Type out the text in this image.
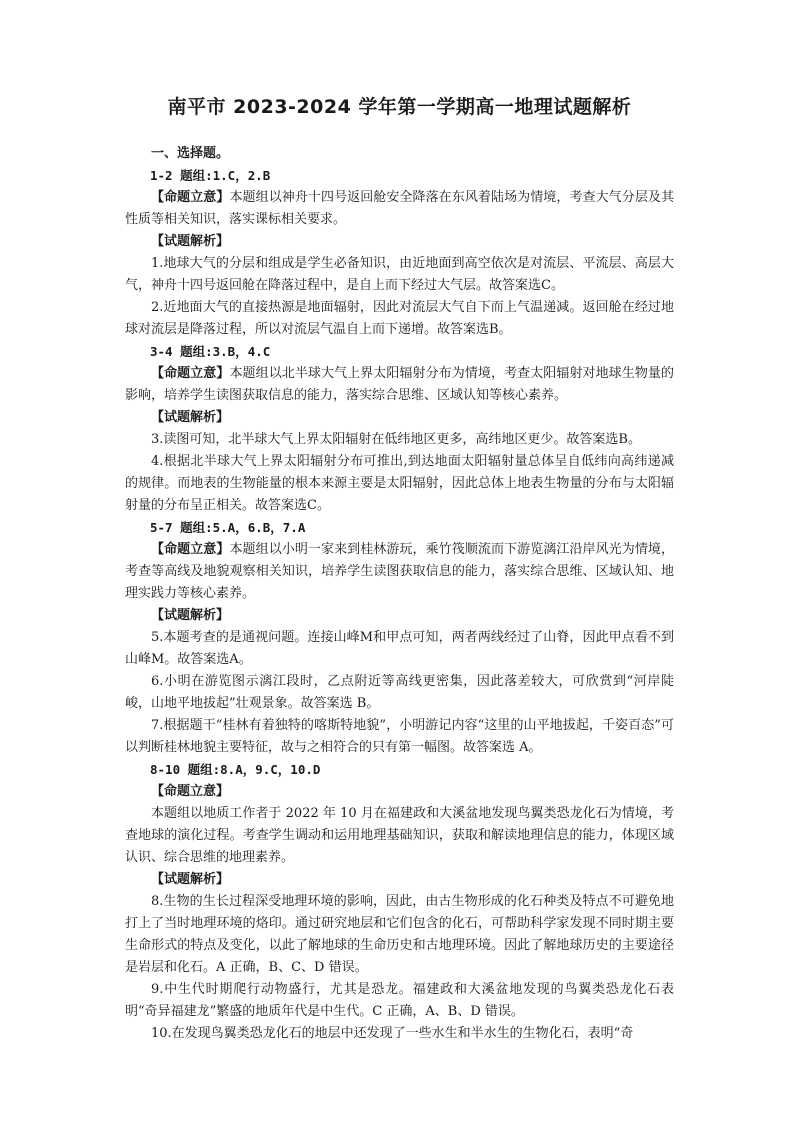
南平市 2023-2024 学年第一学期高一地理试题解析

一、选择题。

1-2 题组:1.C，2.B

【命题立意】本题组以神舟十四号返回舱安全降落在东风着陆场为情境，考查大气分层及其性质等相关知识，落实课标相关要求。

【试题解析】

1.地球大气的分层和组成是学生必备知识，由近地面到高空依次是对流层、平流层、高层大气，神舟十四号返回舱在降落过程中，是自上而下经过大气层。故答案选C。

2.近地面大气的直接热源是地面辐射，因此对流层大气自下而上气温递减。返回舱在经过地球对流层是降落过程，所以对流层气温自上而下递增。故答案选B。

3-4 题组:3.B，4.C

【命题立意】本题组以北半球大气上界太阳辐射分布为情境，考查太阳辐射对地球生物量的影响，培养学生读图获取信息的能力，落实综合思维、区域认知等核心素养。

【试题解析】

3.读图可知，北半球大气上界太阳辐射在低纬地区更多，高纬地区更少。故答案选B。

4.根据北半球大气上界太阳辐射分布可推出,到达地面太阳辐射量总体呈自低纬向高纬递减的规律。而地表的生物能量的根本来源主要是太阳辐射，因此总体上地表生物量的分布与太阳辐射量的分布呈正相关。故答案选C。

5-7 题组:5.A，6.B，7.A

【命题立意】本题组以小明一家来到桂林游玩，乘竹筏顺流而下游览漓江沿岸风光为情境，考查等高线及地貌观察相关知识，培养学生读图获取信息的能力，落实综合思维、区域认知、地理实践力等核心素养。

【试题解析】

5.本题考查的是通视问题。连接山峰M和甲点可知，两者两线经过了山脊，因此甲点看不到山峰M。故答案选A。

6.小明在游览图示漓江段时，乙点附近等高线更密集，因此落差较大，可欣赏到“河岸陡峻，山地平地拔起”壮观景象。故答案选 B。

7.根据题干“桂林有着独特的喀斯特地貌”，小明游记内容“这里的山平地拔起，千姿百态”可以判断桂林地貌主要特征，故与之相符合的只有第一幅图。故答案选 A。

8-10 题组:8.A，9.C，10.D

【命题立意】

本题组以地质工作者于 2022 年 10 月在福建政和大溪盆地发现鸟翼类恐龙化石为情境，考查地球的演化过程。考查学生调动和运用地理基础知识，获取和解读地理信息的能力，体现区域认识、综合思维的地理素养。

【试题解析】

8.生物的生长过程深受地理环境的影响，因此，由古生物形成的化石种类及特点不可避免地打上了当时地理环境的烙印。通过研究地层和它们包含的化石，可帮助科学家发现不同时期主要生命形式的特点及变化，以此了解地球的生命历史和古地理环境。因此了解地球历史的主要途径是岩层和化石。A 正确，B、C、D 错误。

9.中生代时期爬行动物盛行，尤其是恐龙。福建政和大溪盆地发现的鸟翼类恐龙化石表明“奇异福建龙”繁盛的地质年代是中生代。C 正确，A、B、D 错误。

10.在发现鸟翼类恐龙化石的地层中还发现了一些水生和半水生的生物化石，表明“奇
